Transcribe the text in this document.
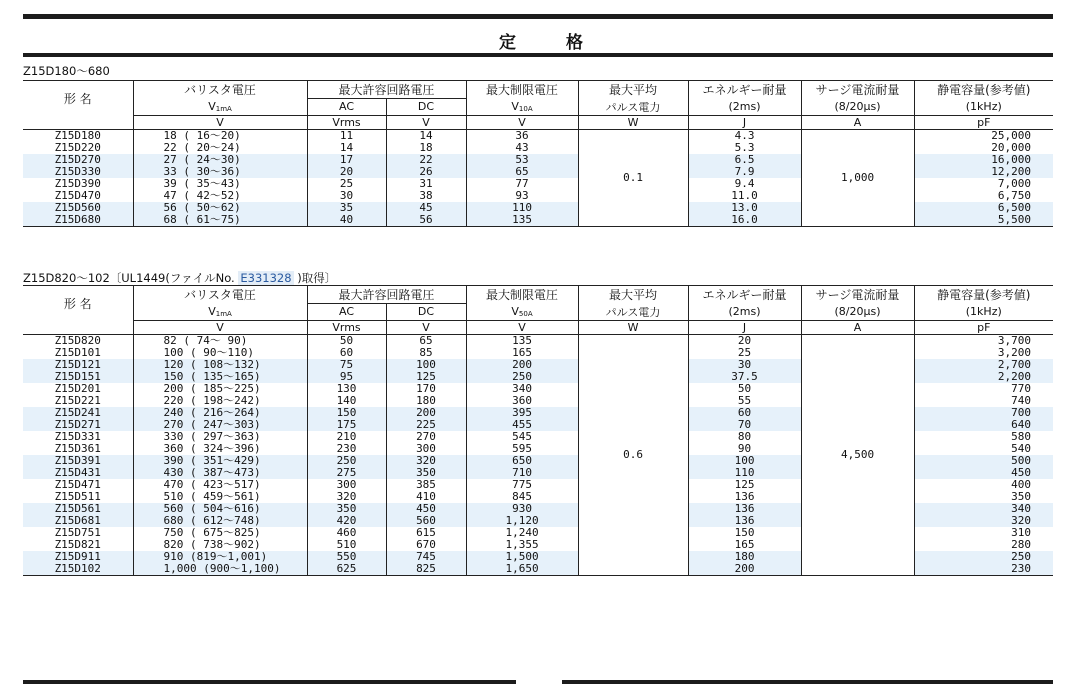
定 格
Z15D180～680
形 名	バリスタ電圧	最大許容回路電圧		最大制限電圧	最大平均	エネルギー耐量	サージ電流耐量	静電容量(参考値)
	$V_{1mA}$	AC	DC	$V_{10A}$	パルス電力	(2ms)	(8/20μs)	(1kHz)
	V	Vrms	V	V	W	J	A	pF
Z15D180	18 ( 16～20)	11	14	36	0.1	4.3	1,000	25,000
Z15D220	22 ( 20～24)	14	18	43		5.3		20,000
Z15D270	27 ( 24～30)	17	22	53		6.5		16,000
Z15D330	33 ( 30～36)	20	26	65		7.9		12,200
Z15D390	39 ( 35～43)	25	31	77		9.4		7,000
Z15D470	47 ( 42～52)	30	38	93		11.0		6,750
Z15D560	56 ( 50～62)	35	45	110		13.0		6,500
Z15D680	68 ( 61～75)	40	56	135		16.0		5,500
Z15D820～102〔UL1449(ファイルNo. E331328 )取得〕
形 名	バリスタ電圧	最大許容回路電圧		最大制限電圧	最大平均	エネルギー耐量	サージ電流耐量	静電容量(参考値)
	$V_{1mA}$	AC	DC	$V_{50A}$	パルス電力	(2ms)	(8/20μs)	(1kHz)
	V	Vrms	V	V	W	J	A	pF
Z15D820	82 ( 74～ 90)	50	65	135	0.6	20	4,500	3,700
Z15D101	100 ( 90～110)	60	85	165		25		3,200
Z15D121	120 ( 108～132)	75	100	200		30		2,700
Z15D151	150 ( 135～165)	95	125	250		37.5		2,200
Z15D201	200 ( 185～225)	130	170	340		50		770
Z15D221	220 ( 198～242)	140	180	360		55		740
Z15D241	240 ( 216～264)	150	200	395		60		700
Z15D271	270 ( 247～303)	175	225	455		70		640
Z15D331	330 ( 297～363)	210	270	545		80		580
Z15D361	360 ( 324～396)	230	300	595		90		540
Z15D391	390 ( 351～429)	250	320	650		100		500
Z15D431	430 ( 387～473)	275	350	710		110		450
Z15D471	470 ( 423～517)	300	385	775		125		400
Z15D511	510 ( 459～561)	320	410	845		136		350
Z15D561	560 ( 504～616)	350	450	930		136		340
Z15D681	680 ( 612～748)	420	560	1,120		136		320
Z15D751	750 ( 675～825)	460	615	1,240		150		310
Z15D821	820 ( 738～902)	510	670	1,355		165		280
Z15D911	910 (819～1,001)	550	745	1,500		180		250
Z15D102	1,000 (900～1,100)	625	825	1,650		200		230
